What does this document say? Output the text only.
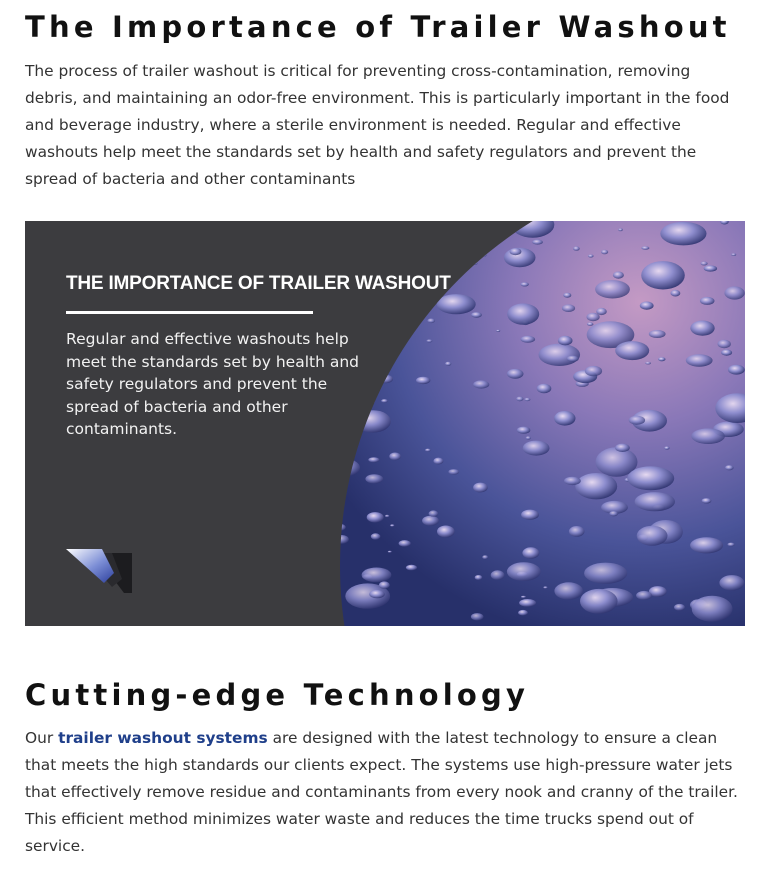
The Importance of Trailer Washout

The process of trailer washout is critical for preventing cross-contamination, removing debris, and maintaining an odor-free environment. This is particularly important in the food and beverage industry, where a sterile environment is needed. Regular and effective washouts help meet the standards set by health and safety regulators and prevent the spread of bacteria and other contaminants

Cutting-edge Technology

Our trailer washout systems are designed with the latest technology to ensure a clean that meets the high standards our clients expect. The systems use high-pressure water jets that effectively remove residue and contaminants from every nook and cranny of the trailer. This efficient method minimizes water waste and reduces the time trucks spend out of service.

THE IMPORTANCE OF TRAILER WASHOUT

Regular and effective washouts help meet the standards set by health and safety regulators and prevent the spread of bacteria and other contaminants.
